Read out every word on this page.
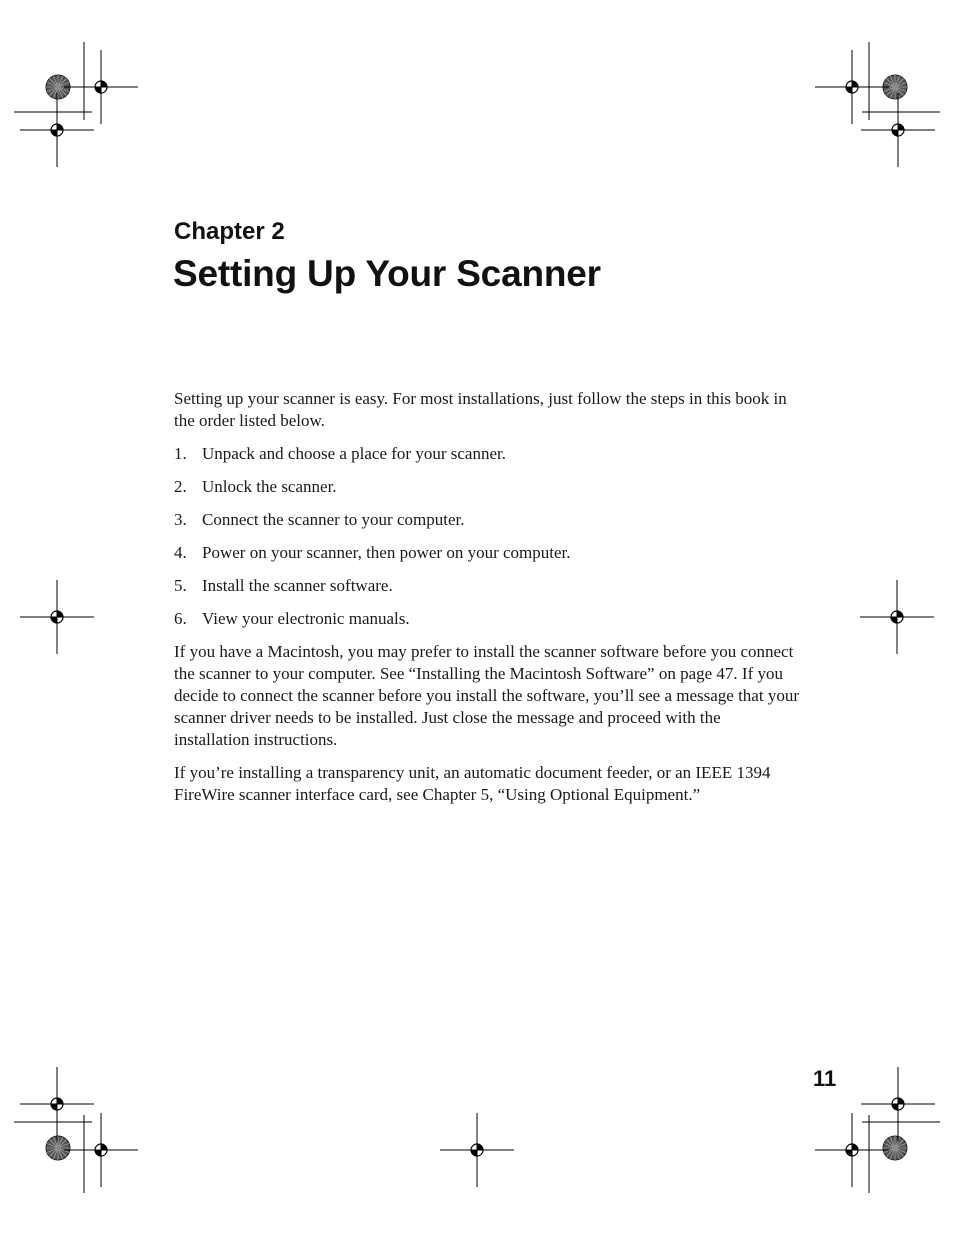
Chapter 2
Setting Up Your Scanner

Setting up your scanner is easy. For most installations, just follow the steps in this book in the order listed below.

1. Unpack and choose a place for your scanner.
2. Unlock the scanner.
3. Connect the scanner to your computer.
4. Power on your scanner, then power on your computer.
5. Install the scanner software.
6. View your electronic manuals.

If you have a Macintosh, you may prefer to install the scanner software before you connect the scanner to your computer. See “Installing the Macintosh Software” on page 47. If you decide to connect the scanner before you install the software, you’ll see a message that your scanner driver needs to be installed. Just close the message and proceed with the installation instructions.

If you’re installing a transparency unit, an automatic document feeder, or an IEEE 1394 FireWire scanner interface card, see Chapter 5, “Using Optional Equipment.”

11
